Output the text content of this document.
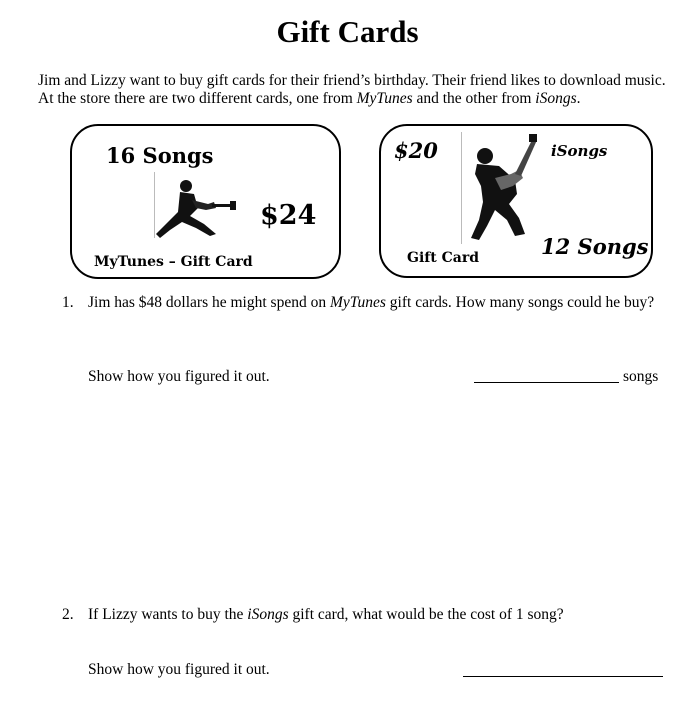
Gift Cards
Jim and Lizzy want to buy gift cards for their friend’s birthday. Their friend likes to download music. At the store there are two different cards, one from MyTunes and the other from iSongs.
16 Songs
$24
MyTunes – Gift Card
$20	iSongs
Gift Card	12 Songs
1. Jim has $48 dollars he might spend on MyTunes gift cards. How many songs could he buy?
Show how you figured it out.	songs
2. If Lizzy wants to buy the iSongs gift card, what would be the cost of 1 song?
Show how you figured it out.
